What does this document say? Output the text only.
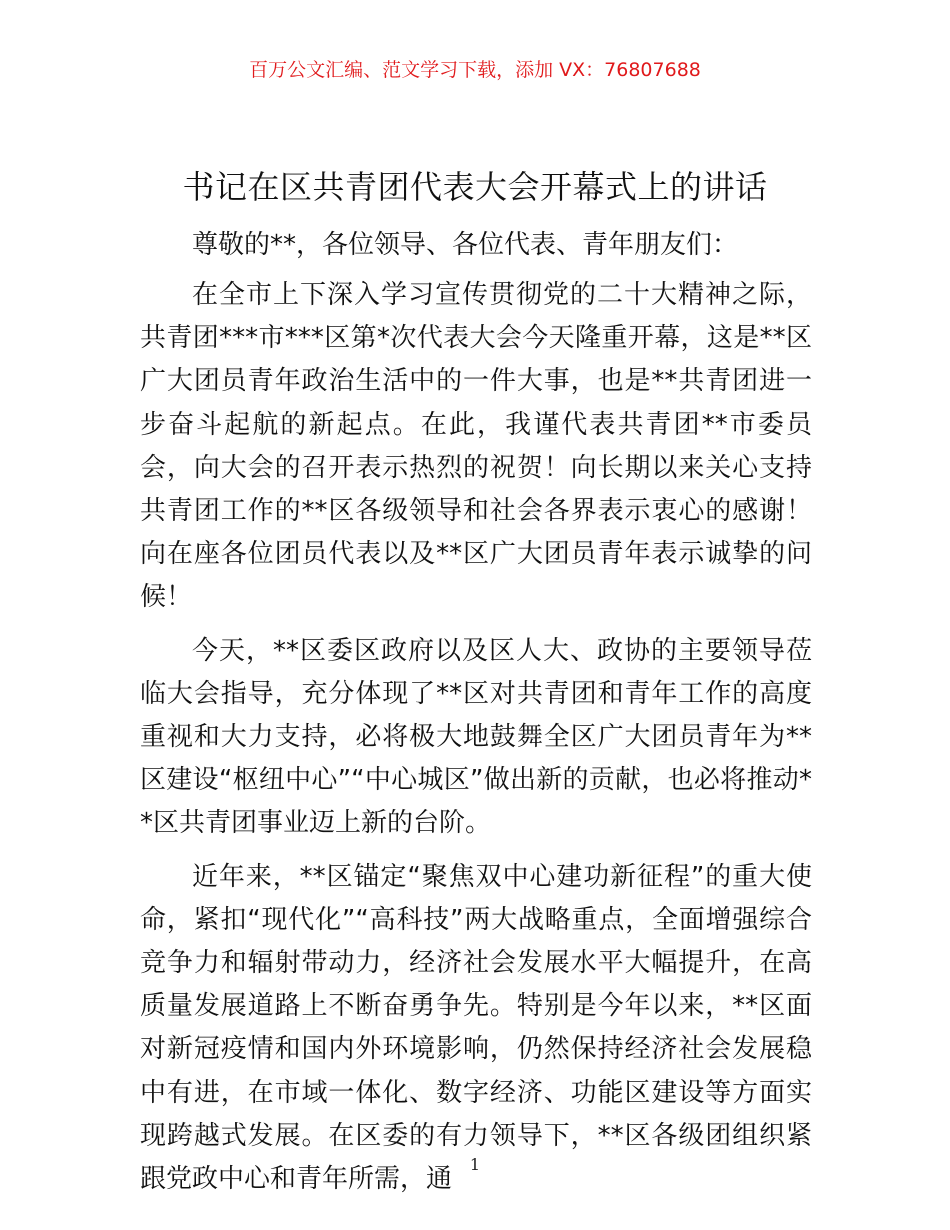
百万公文汇编、范文学习下载，添加 VX：76807688
书记在区共青团代表大会开幕式上的讲话

尊敬的**，各位领导、各位代表、青年朋友们：

在全市上下深入学习宣传贯彻党的二十大精神之际，共青团***市***区第*次代表大会今天隆重开幕，这是**区广大团员青年政治生活中的一件大事，也是**共青团进一步奋斗起航的新起点。在此，我谨代表共青团**市委员会，向大会的召开表示热烈的祝贺！向长期以来关心支持共青团工作的**区各级领导和社会各界表示衷心的感谢！向在座各位团员代表以及**区广大团员青年表示诚挚的问候！

今天，**区委区政府以及区人大、政协的主要领导莅临大会指导，充分体现了**区对共青团和青年工作的高度重视和大力支持，必将极大地鼓舞全区广大团员青年为**区建设“枢纽中心”“中心城区”做出新的贡献，也必将推动**区共青团事业迈上新的台阶。

近年来，**区锚定“聚焦双中心建功新征程”的重大使命，紧扣“现代化”“高科技”两大战略重点，全面增强综合竞争力和辐射带动力，经济社会发展水平大幅提升，在高质量发展道路上不断奋勇争先。特别是今年以来，**区面对新冠疫情和国内外环境影响，仍然保持经济社会发展稳中有进，在市域一体化、数字经济、功能区建设等方面实现跨越式发展。在区委的有力领导下，**区各级团组织紧跟党政中心和青年所需，通	1
